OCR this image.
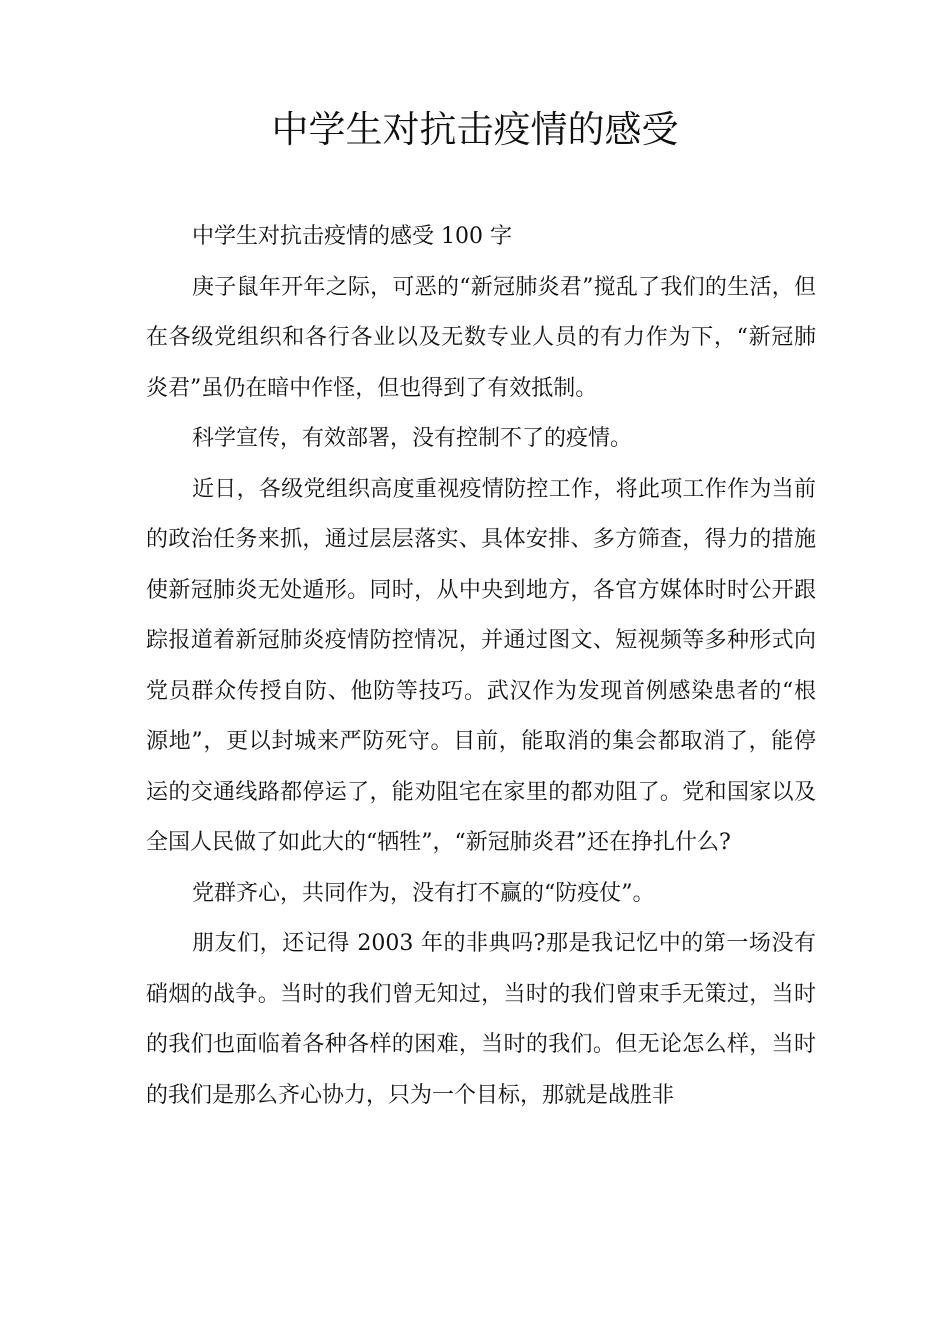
中学生对抗击疫情的感受

中学生对抗击疫情的感受 100 字

庚子鼠年开年之际，可恶的“新冠肺炎君”搅乱了我们的生活，但在各级党组织和各行各业以及无数专业人员的有力作为下，“新冠肺炎君”虽仍在暗中作怪，但也得到了有效抵制。

科学宣传，有效部署，没有控制不了的疫情。

近日，各级党组织高度重视疫情防控工作，将此项工作作为当前的政治任务来抓，通过层层落实、具体安排、多方筛查，得力的措施使新冠肺炎无处遁形。同时，从中央到地方，各官方媒体时时公开跟踪报道着新冠肺炎疫情防控情况，并通过图文、短视频等多种形式向党员群众传授自防、他防等技巧。武汉作为发现首例感染患者的“根源地”，更以封城来严防死守。目前，能取消的集会都取消了，能停运的交通线路都停运了，能劝阻宅在家里的都劝阻了。党和国家以及全国人民做了如此大的“牺牲”，“新冠肺炎君”还在挣扎什么?

党群齐心，共同作为，没有打不赢的“防疫仗”。

朋友们，还记得 2003 年的非典吗?那是我记忆中的第一场没有硝烟的战争。当时的我们曾无知过，当时的我们曾束手无策过，当时的我们也面临着各种各样的困难，当时的我们。但无论怎么样，当时的我们是那么齐心协力，只为一个目标，那就是战胜非
